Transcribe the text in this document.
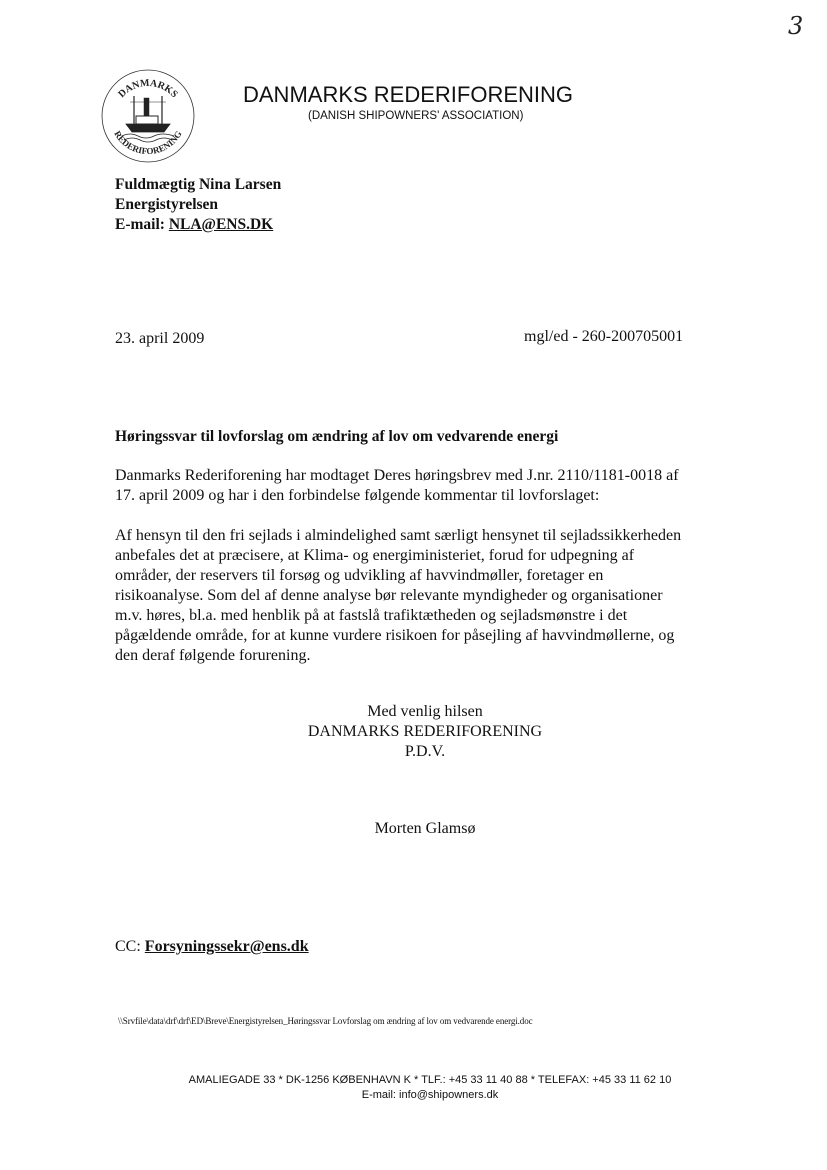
3
DANMARKS
REDERIFORENING
DANMARKS REDERIFORENING
(DANISH SHIPOWNERS' ASSOCIATION)
Fuldmægtig Nina Larsen
Energistyrelsen
E-mail: NLA@ENS.DK
23. april 2009	mgl/ed - 260-200705001
Høringssvar til lovforslag om ændring af lov om vedvarende energi
Danmarks Rederiforening har modtaget Deres høringsbrev med J.nr. 2110/1181-0018 af
17. april 2009 og har i den forbindelse følgende kommentar til lovforslaget:
Af hensyn til den fri sejlads i almindelighed samt særligt hensynet til sejladssikkerheden
anbefales det at præcisere, at Klima- og energiministeriet, forud for udpegning af
områder, der reservers til forsøg og udvikling af havvindmøller, foretager en
risikoanalyse. Som del af denne analyse bør relevante myndigheder og organisationer
m.v. høres, bl.a. med henblik på at fastslå trafiktætheden og sejladsmønstre i det
pågældende område, for at kunne vurdere risikoen for påsejling af havvindmøllerne, og
den deraf følgende forurening.
Med venlig hilsen
DANMARKS REDERIFORENING
P.D.V.
Morten Glamsø
CC: Forsyningssekr@ens.dk
\\Srvfile\data\drf\drf\ED\Breve\Energistyrelsen_Høringssvar Lovforslag om ændring af lov om vedvarende energi.doc
AMALIEGADE 33 * DK-1256 KØBENHAVN K * TLF.: +45 33 11 40 88 * TELEFAX: +45 33 11 62 10
E-mail: info@shipowners.dk
